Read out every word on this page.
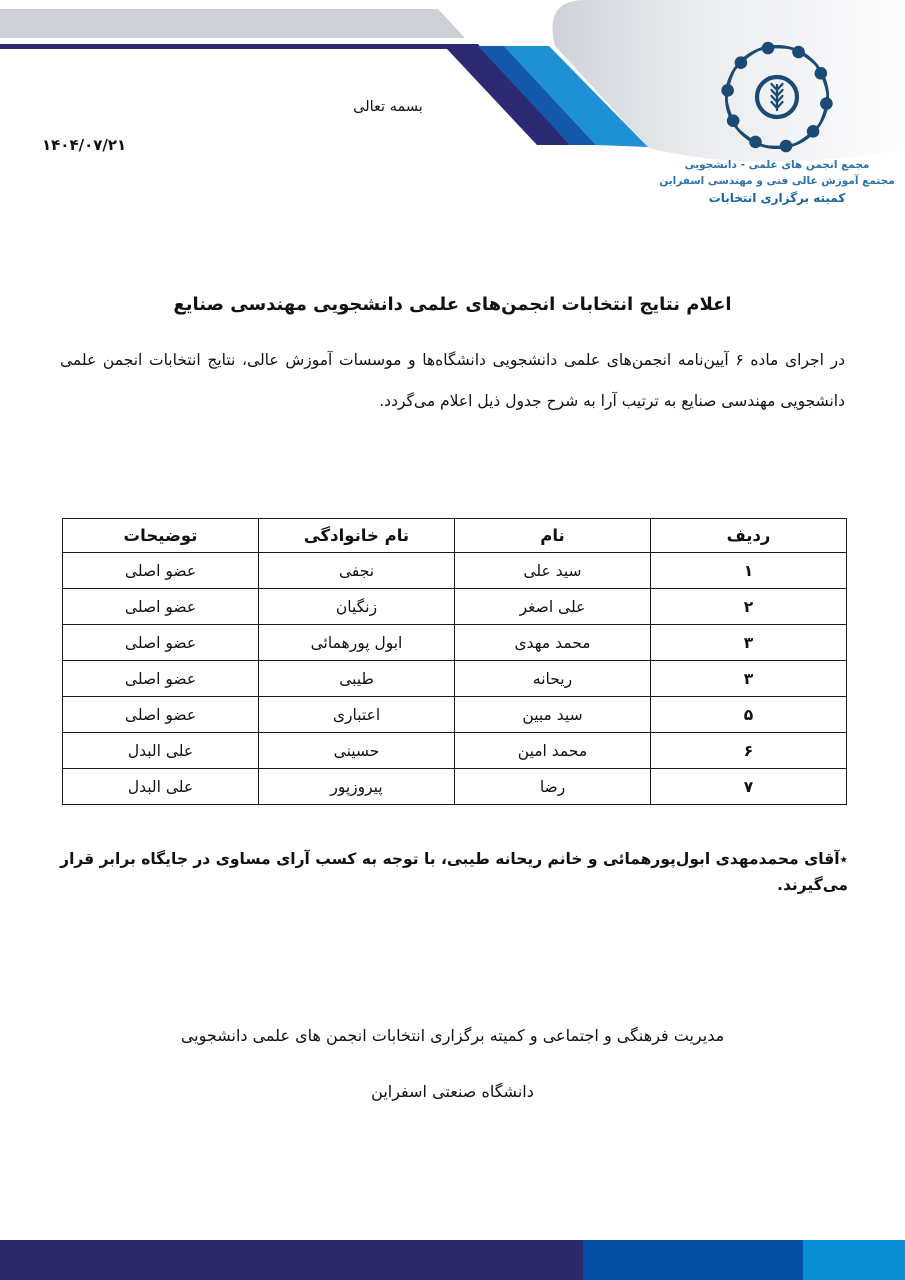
مجمع انجمن های علمی - دانشجویی
مجتمع آموزش عالی فنی و مهندسی اسفراین
کمیته برگزاری انتخابات
۱۴۰۴/۰۷/۲۱
بسمه تعالی
اعلام نتایج انتخابات انجمن‌های علمی دانشجویی مهندسی صنایع
در اجرای ماده ۶ آیین‌نامه انجمن‌های علمی دانشجویی دانشگاه‌ها و موسسات آموزش عالی، نتایج انتخابات انجمن علمی دانشجویی مهندسی صنایع به ترتیب آرا به شرح جدول ذیل اعلام می‌گردد.
ردیف	نام	نام خانوادگی	توضیحات
۱	سید علی	نجفی	عضو اصلی
۲	علی اصغر	زنگیان	عضو اصلی
۳	محمد مهدی	ابول پورهمائی	عضو اصلی
۳	ریحانه	طیبی	عضو اصلی
۵	سید مبین	اعتباری	عضو اصلی
۶	محمد امین	حسینی	علی البدل
۷	رضا	پیروزپور	علی البدل
٭آقای محمدمهدی ابول‌پورهمائی و خانم ریحانه طیبی، با توجه به کسب آرای مساوی در جایگاه برابر قرار می‌گیرند.
مدیریت فرهنگی و اجتماعی و کمیته برگزاری انتخابات انجمن های علمی دانشجویی
دانشگاه صنعتی اسفراین
